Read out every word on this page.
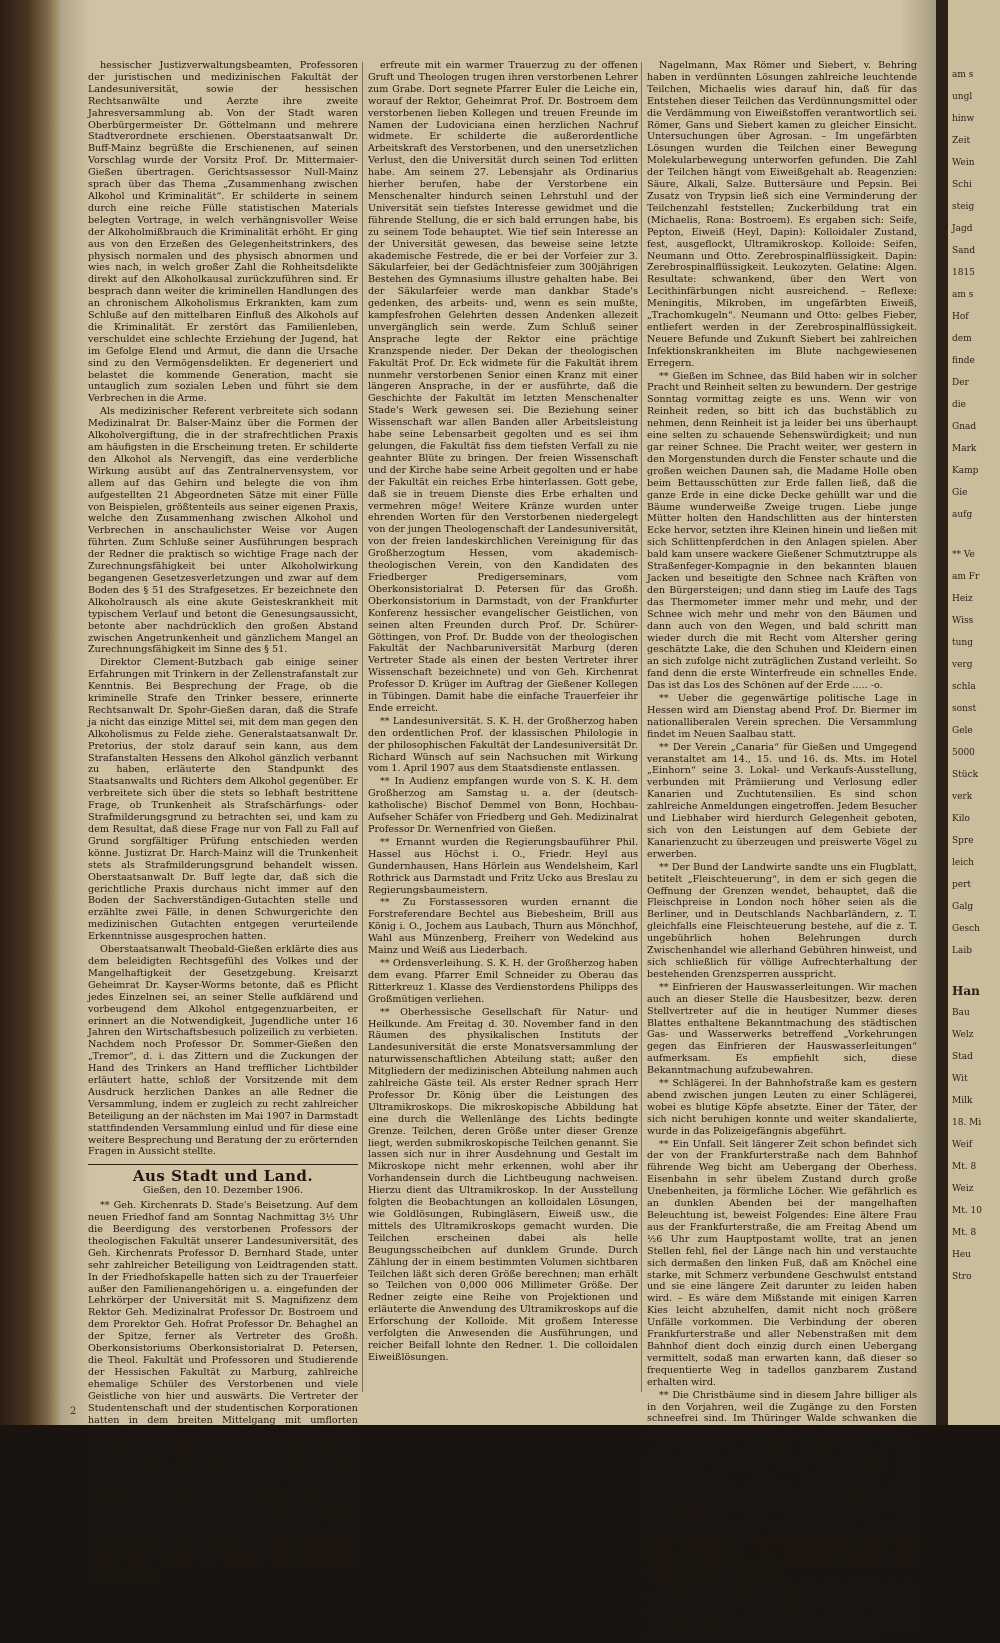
hessischer Justizverwaltungsbeamten, Professoren der juristischen und medizinischen Fakultät der Landesuniversität, sowie der hessischen Rechtsanwälte und Aerzte ihre zweite Jahresversammlung ab. Von der Stadt waren Oberbürgermeister Dr. Göttelmann und mehrere Stadtverordnete erschienen. Oberstaatsanwalt Dr. Buff-Mainz begrüßte die Erschienenen, auf seinen Vorschlag wurde der Vorsitz Prof. Dr. Mittermaier-Gießen übertragen. Gerichtsassessor Null-Mainz sprach über das Thema „Zusammenhang zwischen Alkohol und Kriminalität“. Er schilderte in seinem durch eine reiche Fülle statistischen Materials belegten Vortrage, in welch verhängnisvoller Weise der Alkoholmißbrauch die Kriminalität erhöht. Er ging aus von den Erzeßen des Gelegenheitstrinkers, des physisch normalen und des physisch abnormen und wies nach, in welch großer Zahl die Rohheitsdelikte direkt auf den Alkoholkausal zurückzuführen sind. Er besprach dann weiter die kriminellen Handlungen des an chronischem Alkoholismus Erkrankten, kam zum Schluße auf den mittelbaren Einfluß des Alkohols auf die Kriminalität. Er zerstört das Familienleben, verschuldet eine schlechte Erziehung der Jugend, hat im Gefolge Elend und Armut, die dann die Ursache sind zu den Vermögensdelikten. Er degeneriert und belastet die kommende Generation, macht sie untauglich zum sozialen Leben und führt sie dem Verbrechen in die Arme.

Als medizinischer Referent verbreitete sich sodann Medizinalrat Dr. Balser-Mainz über die Formen der Alkoholvergiftung, die in der strafrechtlichen Praxis am häufigsten in die Erscheinung treten. Er schilderte den Alkohol als Nervengift, das eine verderbliche Wirkung ausübt auf das Zentralnervensystem, vor allem auf das Gehirn und belegte die von ihm aufgestellten 21 Abgeordneten Sätze mit einer Fülle von Beispielen, größtenteils aus seiner eigenen Praxis, welche den Zusammenhang zwischen Alkohol und Verbrechen in anschaulichster Weise vor Augen führten. Zum Schluße seiner Ausführungen besprach der Redner die praktisch so wichtige Frage nach der Zurechnungsfähigkeit bei unter Alkoholwirkung begangenen Gesetzesverletzungen und zwar auf dem Boden des § 51 des Strafgesetzes. Er bezeichnete den Alkoholrausch als eine akute Geisteskrankheit mit typischem Verlauf und betont die Genesungsaussicht, betonte aber nachdrücklich den großen Abstand zwischen Angetrunkenheit und gänzlichem Mangel an Zurechnungsfähigkeit im Sinne des § 51.

Direktor Clement-Butzbach gab einige seiner Erfahrungen mit Trinkern in der Zellenstrafanstalt zur Kenntnis. Bei Besprechung der Frage, ob die kriminelle Strafe den Trinker bessere, erinnerte Rechtsanwalt Dr. Spohr-Gießen daran, daß die Strafe ja nicht das einzige Mittel sei, mit dem man gegen den Alkoholismus zu Felde ziehe. Generalstaatsanwalt Dr. Pretorius, der stolz darauf sein kann, aus dem Strafanstalten Hessens den Alkohol gänzlich verbannt zu haben, erläuterte den Standpunkt des Staatsanwalts und Richters dem Alkohol gegenüber. Er verbreitete sich über die stets so lebhaft bestrittene Frage, ob Trunkenheit als Strafschärfungs- oder Strafmilderungsgrund zu betrachten sei, und kam zu dem Resultat, daß diese Frage nur von Fall zu Fall auf Grund sorgfältiger Prüfung entschieden werden könne. Justizrat Dr. Harch-Mainz will die Trunkenheit stets als Strafmilderungsgrund behandelt wissen. Oberstaatsanwalt Dr. Buff legte dar, daß sich die gerichtliche Praxis durchaus nicht immer auf den Boden der Sachverständigen-Gutachten stelle und erzählte zwei Fälle, in denen Schwurgerichte den medizinischen Gutachten entgegen verurteilende Erkenntnisse ausgesprochen hatten.

Oberstaatsanwalt Theobald-Gießen erklärte dies aus dem beleidigten Rechtsgefühl des Volkes und der Mangelhaftigkeit der Gesetzgebung. Kreisarzt Geheimrat Dr. Kayser-Worms betonte, daß es Pflicht jedes Einzelnen sei, an seiner Stelle aufklärend und vorbeugend dem Alkohol entgegenzuarbeiten, er erinnert an die Notwendigkeit, Jugendliche unter 16 Jahren den Wirtschaftsbesuch polizeilich zu verbieten. Nachdem noch Professor Dr. Sommer-Gießen den „Tremor“, d. i. das Zittern und die Zuckungen der Hand des Trinkers an Hand trefflicher Lichtbilder erläutert hatte, schloß der Vorsitzende mit dem Ausdruck herzlichen Dankes an alle Redner die Versammlung, indem er zugleich zu recht zahlreicher Beteiligung an der nächsten im Mai 1907 in Darmstadt stattfindenden Versammlung einlud und für diese eine weitere Besprechung und Beratung der zu erörternden Fragen in Aussicht stellte.

Aus Stadt und Land.
Gießen, den 10. Dezember 1906.

** Geh. Kirchenrats D. Stade's Beisetzung. Auf dem neuen Friedhof fand am Sonntag Nachmittag 3½ Uhr die Beerdigung des verstorbenen Professors der theologischen Fakultät unserer Landesuniversität, des Geh. Kirchenrats Professor D. Bernhard Stade, unter sehr zahlreicher Beteiligung von Leidtragenden statt. In der Friedhofskapelle hatten sich zu der Trauerfeier außer den Familienangehörigen u. a. eingefunden der Lehrkörper der Universität mit S. Magnifizenz dem Rektor Geh. Medizinalrat Professor Dr. Bostroem und dem Prorektor Geh. Hofrat Professor Dr. Behaghel an der Spitze, ferner als Vertreter des Großh. Oberkonsistoriums Oberkonsistorialrat D. Petersen, die Theol. Fakultät und Professoren und Studierende der Hessischen Fakultät zu Marburg, zahlreiche ehemalige Schüler des Verstorbenen und viele Geistliche von hier und auswärts. Die Vertreter der Studentenschaft und der studentischen Korporationen hatten in dem breiten Mittelgang mit umflorten Fahnen Aufstellung genommen. Der schlichte Sarg, der die irdische Hülle des Verstorbenen barg, war mit kostbaren Kranz- und Blumenspenden bedeckt. Pfarrer Euler hielt die durch ihre Kürze um so wirkungsvoller diesmalfundene Traueransprache. Er feierte darin Geh. Kirchenrat Stade als einen Großen im Reiche der theologischen Wissenschaft, der weit über Hessens Grenze hinaus als einer der Ersten bekannt gewesen sei, und schilderte das Glück des Verstorbenen, das er im Familienleben und in seinen treuen Pflichterfüllung gefunden habe. Sein Streben sei gewesen, das Reich Gottes auf Erden zu bauen. Doch beendigte Trauerandacht

erfreute mit ein warmer Trauerzug zu der offenen Gruft und Theologen trugen ihren verstorbenen Lehrer zum Grabe. Dort segnete Pfarrer Euler die Leiche ein, worauf der Rektor, Geheimrat Prof. Dr. Bostroem dem verstorbenen lieben Kollegen und treuen Freunde im Namen der Ludoviciana einen herzlichen Nachruf widmete. Er schilderte die außerordentliche Arbeitskraft des Verstorbenen, und den unersetzlichen Verlust, den die Universität durch seinen Tod erlitten habe. Am seinem 27. Lebensjahr als Ordinarius hierher berufen, habe der Verstorbene ein Menschenalter hindurch seinen Lehrstuhl und der Universität sein tiefstes Interesse gewidmet und die führende Stellung, die er sich bald errungen habe, bis zu seinem Tode behauptet. Wie tief sein Interesse an der Universität gewesen, das beweise seine letzte akademische Festrede, die er bei der Vorfeier zur 3. Säkularfeier, bei der Gedächtnisfeier zum 300jährigen Bestehen des Gymnasiums illustre gehalten habe. Bei der Säkularfeier werde man dankbar Stade's gedenken, des arbeits- und, wenn es sein mußte, kampfesfrohen Gelehrten dessen Andenken allezeit unvergänglich sein werde. Zum Schluß seiner Ansprache legte der Rektor eine prächtige Kranzspende nieder. Der Dekan der theologischen Fakultät Prof. Dr. Eck widmete für die Fakultät ihrem nunmehr verstorbenen Senior einen Kranz mit einer längeren Ansprache, in der er ausführte, daß die Geschichte der Fakultät im letzten Menschenalter Stade's Werk gewesen sei. Die Beziehung seiner Wissenschaft war allen Banden aller Arbeitsleistung habe seine Lebensarbeit gegolten und es sei ihm gelungen, die Fakultät fiss dem tiefsten Verfall zu nie geahnter Blüte zu bringen. Der freien Wissenschaft und der Kirche habe seine Arbeit gegolten und er habe der Fakultät ein reiches Erbe hinterlassen. Gott gebe, daß sie in treuem Dienste dies Erbe erhalten und vermehren möge! Weitere Kränze wurden unter ehrenden Worten für den Verstorbenen niedergelegt von der jungen Theologenschaft der Landesuniversität, von der freien landeskirchlichen Vereinigung für das Großherzogtum Hessen, vom akademisch-theologischen Verein, von den Kandidaten des Friedberger Predigerseminars, vom Oberkonsistorialrat D. Petersen für das Großh. Oberkonsistorium in Darmstadt, von der Frankfurter Konferenz hessischer evangelischer Geistlichen, von seinen alten Freunden durch Prof. Dr. Schürer-Göttingen, von Prof. Dr. Budde von der theologischen Fakultät der Nachbaruniversität Marburg (deren Vertreter Stade als einen der besten Vertreter ihrer Wissenschaft bezeichnete) und von Geh. Kirchenrat Professor D. Krüger im Auftrag der Gießener Kollegen in Tübingen. Damit habe die einfache Trauerfeier ihr Ende erreicht.

** Landesuniversität. S. K. H. der Großherzog haben den ordentlichen Prof. der klassischen Philologie in der philosophischen Fakultät der Landesuniversität Dr. Richard Wünsch auf sein Nachsuchen mit Wirkung vom 1. April 1907 aus dem Staatsdienste entlassen.

** In Audienz empfangen wurde von S. K. H. dem Großherzog am Samstag u. a. der (deutsch-katholische) Bischof Demmel von Bonn, Hochbau-Aufseher Schäfer von Friedberg und Geh. Medizinalrat Professor Dr. Wernenfried von Gießen.

** Ernannt wurden die Regierungsbauführer Phil. Hassel aus Höchst i. O., Friedr. Heyl aus Gundernhausen, Hans Hörlein aus Wendelsheim, Karl Rothrick aus Darmstadt und Fritz Ucko aus Breslau zu Regierungsbaumeistern.

** Zu Forstassessoren wurden ernannt die Forstreferendare Bechtel aus Biebesheim, Brill aus König i. O., Jochem aus Laubach, Thurn aus Mönchhof, Wahl aus Münzenberg, Freiherr von Wedekind aus Mainz und Weiß aus Liederbach.

** Ordensverleihung. S. K. H. der Großherzog haben dem evang. Pfarrer Emil Schneider zu Oberau das Ritterkreuz 1. Klasse des Verdienstordens Philipps des Großmütigen verliehen.

** Oberhessische Gesellschaft für Natur- und Heilkunde. Am Freitag d. 30. November fand in den Räumen des physikalischen Instituts der Landesuniversität die erste Monatsversammlung der naturwissenschaftlichen Abteilung statt; außer den Mitgliedern der medizinischen Abteilung nahmen auch zahlreiche Gäste teil. Als erster Redner sprach Herr Professor Dr. König über die Leistungen des Ultramikroskops. Die mikroskopische Abbildung hat eine durch die Wellenlänge des Lichts bedingte Grenze. Teilchen, deren Größe unter dieser Grenze liegt, werden submikroskopische Teilchen genannt. Sie lassen sich nur in ihrer Ausdehnung und Gestalt im Mikroskope nicht mehr erkennen, wohl aber ihr Vorhandensein durch die Lichtbeugung nachweisen. Hierzu dient das Ultramikroskop. In der Ausstellung folgten die Beobachtungen an kolloidalen Lösungen, wie Goldlösungen, Rubingläsern, Eiweiß usw., die mittels des Ultramikroskops gemacht wurden. Die Teilchen erscheinen dabei als helle Beugungsscheibchen auf dunklem Grunde. Durch Zählung der in einem bestimmten Volumen sichtbaren Teilchen läßt sich deren Größe berechnen; man erhält so Teilchen von 0,000 006 Millimeter Größe. Der Redner zeigte eine Reihe von Projektionen und erläuterte die Anwendung des Ultramikroskops auf die Erforschung der Kolloide. Mit großem Interesse verfolgten die Anwesenden die Ausführungen, und reicher Beifall lohnte den Redner. 1. Die colloidalen Eiweißlösungen.

Nagelmann, Max Römer und Siebert, v. Behring haben in verdünnten Lösungen zahlreiche leuchtende Teilchen, Michaelis wies darauf hin, daß für das Entstehen dieser Teilchen das Verdünnungsmittel oder die Verdämmung von Eiweißstoffen verantwortlich sei. Römer, Gans und Siebert kamen zu gleicher Einsicht. Untersuchungen über Agrosan. – Im ungefärbten Lösungen wurden die Teilchen einer Bewegung Molekularbewegung unterworfen gefunden. Die Zahl der Teilchen hängt vom Eiweißgehalt ab. Reagenzien: Säure, Alkali, Salze. Buttersäure und Pepsin. Bei Zusatz von Trypsin ließ sich eine Verminderung der Teilchenzahl feststellen; Zuckerbildung trat ein (Michaelis, Rona: Bostroem). Es ergaben sich: Seife, Pepton, Eiweiß (Heyl, Dapin): Kolloidaler Zustand, fest, ausgeflockt, Ultramikroskop. Kolloide: Seifen, Neumann und Otto. Zerebrospinalflüssigkeit. Dapin: Zerebrospinalflüssigkeit. Leukozyten. Gelatine: Algen. Resultate: schwankend, über den Wert von Lecithinfärbungen nicht ausreichend. – Reflexe: Meningitis, Mikroben, im ungefärbten Eiweiß, „Trachomkugeln“. Neumann und Otto: gelbes Fieber, entliefert werden in der Zerebrospinalflüssigkeit. Neuere Befunde und Zukunft Siebert bei zahlreichen Infektionskrankheiten im Blute nachgewiesenen Erregern.

** Gießen im Schnee, das Bild haben wir in solcher Pracht und Reinheit selten zu bewundern. Der gestrige Sonntag vormittag zeigte es uns. Wenn wir von Reinheit reden, so bitt ich das buchstäblich zu nehmen, denn Reinheit ist ja leider bei uns überhaupt eine selten zu schauende Sehenswürdigkeit; und nun gar reiner Schnee. Die Pracht weiter, wer gestern in den Morgenstunden durch die Fenster schaute und die großen weichen Daunen sah, die Madame Holle oben beim Bettausschütten zur Erde fallen ließ, daß die ganze Erde in eine dicke Decke gehüllt war und die Bäume wunderweiße Zweige trugen. Liebe junge Mütter holten den Handschlitten aus der hintersten Ecke hervor, setzten ihre Kleinen hinein und ließen mit sich Schlittenpferdchen in den Anlagen spielen. Aber bald kam unsere wackere Gießener Schmutztruppe als Straßenfeger-Kompagnie in den bekannten blauen Jacken und beseitigte den Schnee nach Kräften von den Bürgersteigen; und dann stieg im Laufe des Tags das Thermometer immer mehr und mehr, und der Schnee wich mehr und mehr von den Bäumen und dann auch von den Wegen, und bald schritt man wieder durch die mit Recht vom Altersher gering geschätzte Lake, die den Schuhen und Kleidern einen an sich zufolge nicht zuträglichen Zustand verleiht. So fand denn die erste Winterfreude ein schnelles Ende. Das ist das Los des Schönen auf der Erde ..... -o.

** Ueber die gegenwärtige politische Lage in Hessen wird am Dienstag abend Prof. Dr. Biermer im nationalliberalen Verein sprechen. Die Versammlung findet im Neuen Saalbau statt.

** Der Verein „Canaria“ für Gießen und Umgegend veranstaltet am 14., 15. und 16. ds. Mts. im Hotel „Einhorn“ seine 3. Lokal- und Verkaufs-Ausstellung, verbunden mit Prämiierung und Verlosung edler Kanarien und Zuchtutensilien. Es sind schon zahlreiche Anmeldungen eingetroffen. Jedem Besucher und Liebhaber wird hierdurch Gelegenheit geboten, sich von den Leistungen auf dem Gebiete der Kanarienzucht zu überzeugen und preiswerte Vögel zu erwerben.

** Der Bund der Landwirte sandte uns ein Flugblatt, betitelt „Fleischteuerung“, in dem er sich gegen die Oeffnung der Grenzen wendet, behauptet, daß die Fleischpreise in London noch höher seien als die Berliner, und in Deutschlands Nachbarländern, z. T. gleichfalls eine Fleischteuerung bestehe, auf die z. T. ungebührlich hohen Belehrungen durch Zwischenhandel wie allerhand Gebühren hinweist, und sich schließlich für völlige Aufrechterhaltung der bestehenden Grenzsperren ausspricht.

** Einfrieren der Hauswasserleitungen. Wir machen auch an dieser Stelle die Hausbesitzer, bezw. deren Stellvertreter auf die in heutiger Nummer dieses Blattes enthaltene Bekanntmachung des städtischen Gas- und Wasserwerks betreffend „Vorkehrungen gegen das Einfrieren der Hauswasserleitungen“ aufmerksam. Es empfiehlt sich, diese Bekanntmachung aufzubewahren.

** Schlägerei. In der Bahnhofstraße kam es gestern abend zwischen jungen Leuten zu einer Schlägerei, wobei es blutige Köpfe absetzte. Einer der Täter, der sich nicht beruhigen konnte und weiter skandalierte, wurde in das Polizeigefängnis abgeführt.

** Ein Unfall. Seit längerer Zeit schon befindet sich der von der Frankfurterstraße nach dem Bahnhof führende Weg bicht am Uebergang der Oberhess. Eisenbahn in sehr übelem Zustand durch große Unebenheiten, ja förmliche Löcher. Wie gefährlich es an dunklen Abenden bei der mangelhaften Beleuchtung ist, beweist Folgendes: Eine ältere Frau aus der Frankfurterstraße, die am Freitag Abend um ½6 Uhr zum Hauptpostamt wollte, trat an jenen Stellen fehl, fiel der Länge nach hin und verstauchte sich dermaßen den linken Fuß, daß am Knöchel eine starke, mit Schmerz verbundene Geschwulst entstand und sie eine längere Zeit darunter zu leiden haben wird. – Es wäre dem Mißstande mit einigen Karren Kies leicht abzuhelfen, damit nicht noch größere Unfälle vorkommen. Die Verbindung der oberen Frankfurterstraße und aller Nebenstraßen mit dem Bahnhof dient doch einzig durch einen Uebergang vermittelt, sodaß man erwarten kann, daß dieser so frequentierte Weg in tadellos ganzbarem Zustand erhalten wird.

** Die Christbäume sind in diesem Jahre billiger als in den Vorjahren, weil die Zugänge zu den Forsten schneefrei sind. Im Thüringer Walde schwanken die Preise zwischen 18–46 Mk. für das Schock Bäumchen.

** Oeffentliche Lesehalle. Im November wurden 2551 Bände ausgeliehen. Davon kommen auf: Erzählende Literatur 1399, Zeitschriften 420, Jugendschriften 235, Verdichtungen 79, Literaturgeschichte 53, Länder- und Völkerkunde 84, Kulturgeschichte 13, Geschichte und Biographien 98, Kunstgeschichte 11, Naturwissenschaft und Technologie 148, Herr- und Seewesen 5, Haus- und Landwirtschaft 13, Rechtswissenschaft 17, Religion und Philosophie 8, Staatswissenschaft 28, Verschiedenes 8, Fremdsprachliches 11 Bände. Nach auswärts kamen 128 Bände.

** Der Hauptmann von Köpenick bringt Geld ein. Im einem Wirtshaus in Heuchelheim hat sich der Wirt, der im Besitze eines Grammophons ist, den neuesten Schlager der Saison, den Hauptmann von Köpenick für seinen Apparat für 4.50 Mk. erstanden. Gleich

2
am s
ungl
hinw
Zeit
Wein
Schi
steig
Jagd
Sand
1815
am s
Hof
dem
finde
Der
die
Gnad
Mark
Kamp
Gie
aufg
** Ve
am Fr
Heiz
Wiss
tung
verg
schla
sonst
Gele
5000
Stück
verk
Kilo
Spre
leich
pert
Galg
Gesch
Laib
Han
Bau
Welz
Stad
Wit
Milk
18. Mi
Weif
Mt. 8
Weiz
Mt. 10
Mt. 8
Heu
Stro
